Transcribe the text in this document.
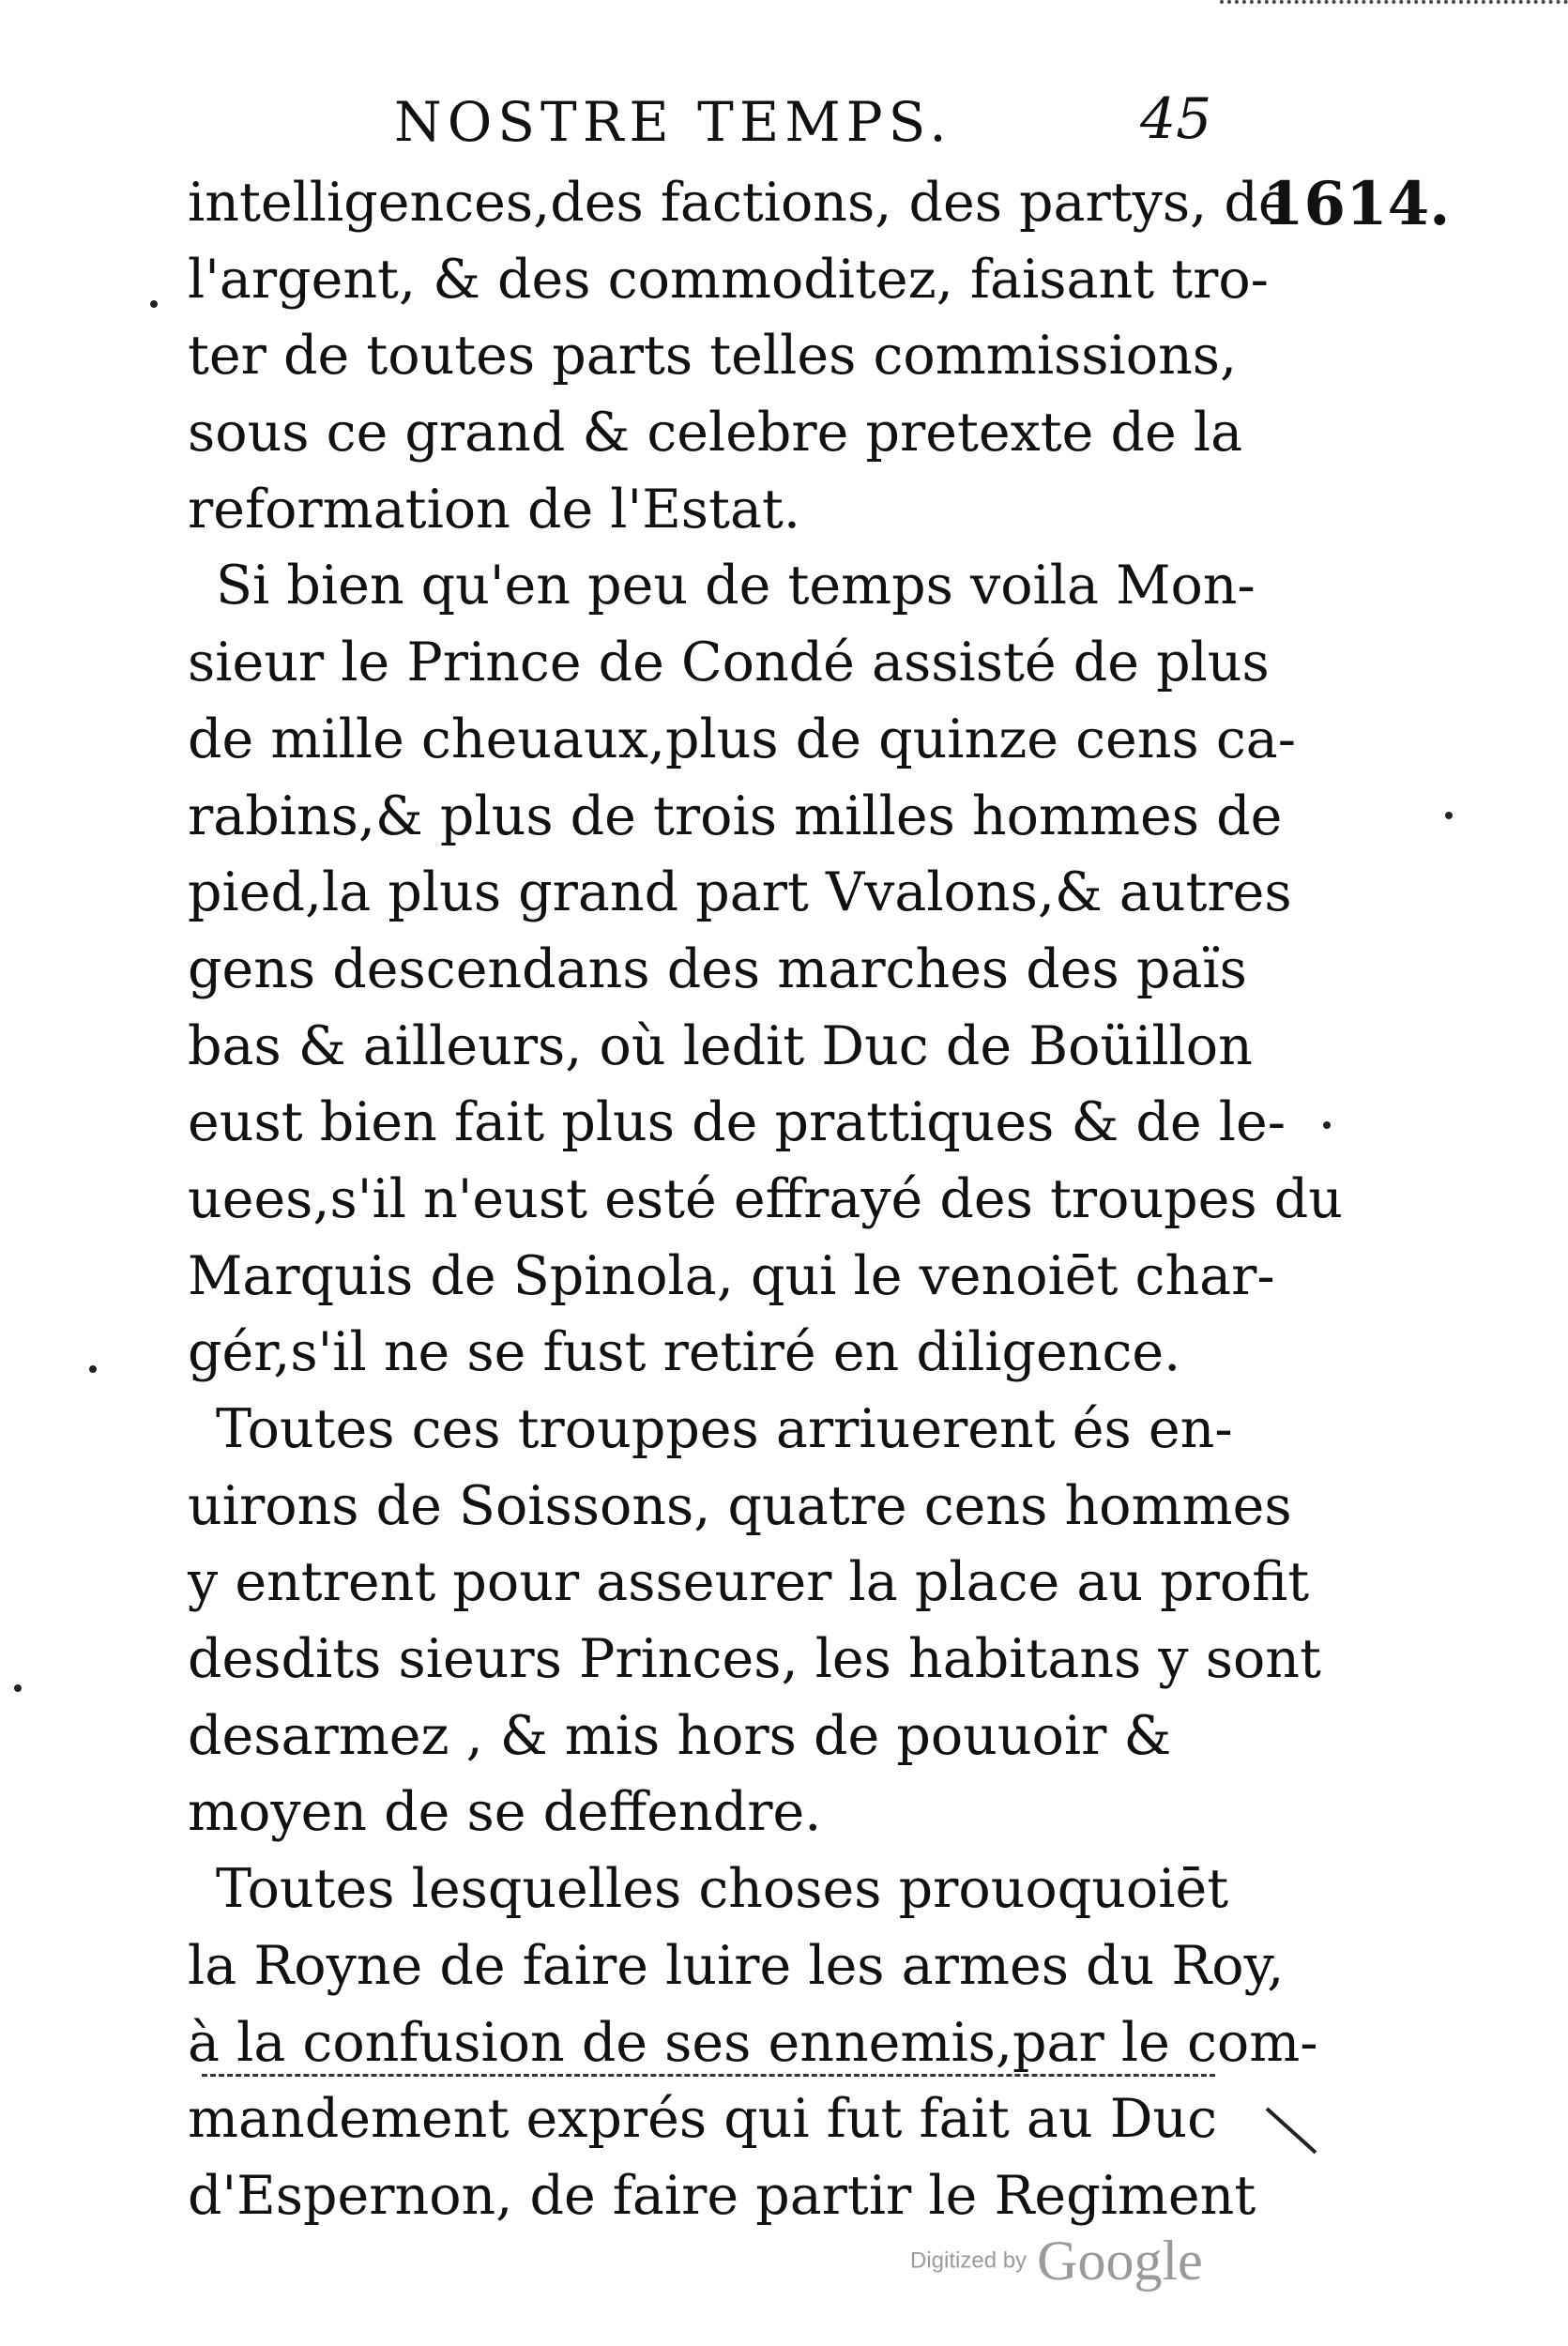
NOSTRE TEMPS.	45
1614.
intelligences,des factions, des partys, de
l'argent, & des commoditez, faisant tro-
ter de toutes parts telles commissions,
sous ce grand & celebre pretexte de la
reformation de l'Estat.
Si bien qu'en peu de temps voila Mon-
sieur le Prince de Condé assisté de plus
de mille cheuaux,plus de quinze cens ca-
rabins,& plus de trois milles hommes de
pied,la plus grand part Vvalons,& autres
gens descendans des marches des païs
bas & ailleurs, où ledit Duc de Boüillon
eust bien fait plus de prattiques & de le-
uees,s'il n'eust esté effrayé des troupes du
Marquis de Spinola, qui le venoiēt char-
gér,s'il ne se fust retiré en diligence.
Toutes ces trouppes arriuerent és en-
uirons de Soissons, quatre cens hommes
y entrent pour asseurer la place au profit
desdits sieurs Princes, les habitans y sont
desarmez , & mis hors de pouuoir &
moyen de se deffendre.
Toutes lesquelles choses prouoquoiēt
la Royne de faire luire les armes du Roy,
à la confusion de ses ennemis,par le com-
mandement exprés qui fut fait au Duc
d'Espernon, de faire partir le Regiment
Digitized by Google
